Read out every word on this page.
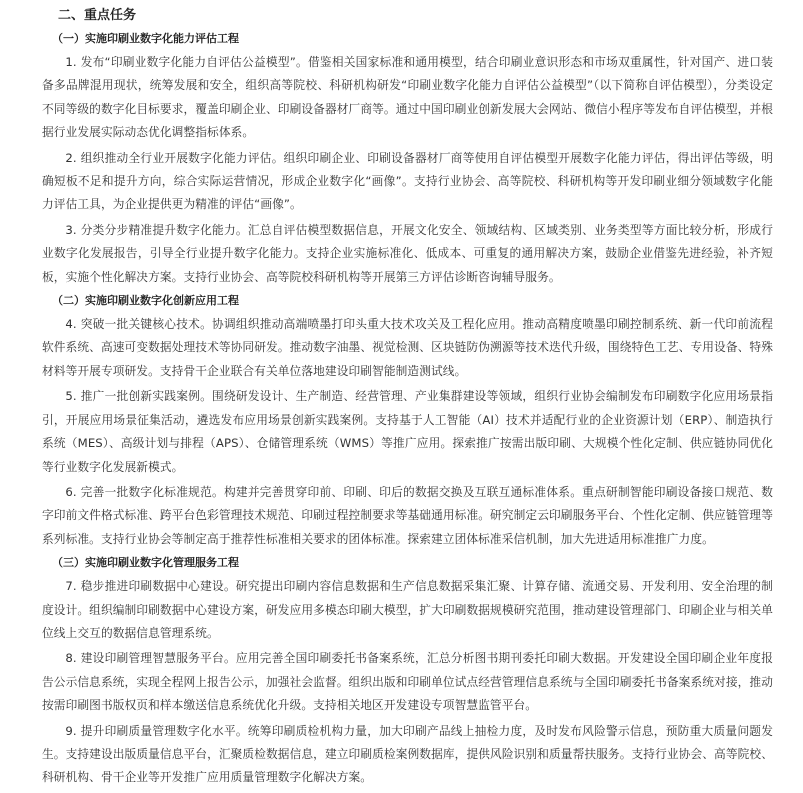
二、重点任务
（一）实施印刷业数字化能力评估工程

1. 发布“印刷业数字化能力自评估公益模型”。借鉴相关国家标准和通用模型，结合印刷业意识形态和市场双重属性，针对国产、进口装备多品牌混用现状，统筹发展和安全，组织高等院校、科研机构研发“印刷业数字化能力自评估公益模型”（以下简称自评估模型），分类设定不同等级的数字化目标要求，覆盖印刷企业、印刷设备器材厂商等。通过中国印刷业创新发展大会网站、微信小程序等发布自评估模型，并根据行业发展实际动态优化调整指标体系。

2. 组织推动全行业开展数字化能力评估。组织印刷企业、印刷设备器材厂商等使用自评估模型开展数字化能力评估，得出评估等级，明确短板不足和提升方向，综合实际运营情况，形成企业数字化“画像”。支持行业协会、高等院校、科研机构等开发印刷业细分领域数字化能力评估工具，为企业提供更为精准的评估“画像”。

3. 分类分步精准提升数字化能力。汇总自评估模型数据信息，开展文化安全、领域结构、区域类别、业务类型等方面比较分析，形成行业数字化发展报告，引导全行业提升数字化能力。支持企业实施标准化、低成本、可重复的通用解决方案，鼓励企业借鉴先进经验，补齐短板，实施个性化解决方案。支持行业协会、高等院校科研机构等开展第三方评估诊断咨询辅导服务。

（二）实施印刷业数字化创新应用工程

4. 突破一批关键核心技术。协调组织推动高端喷墨打印头重大技术攻关及工程化应用。推动高精度喷墨印刷控制系统、新一代印前流程软件系统、高速可变数据处理技术等协同研发。推动数字油墨、视觉检测、区块链防伪溯源等技术迭代升级，围绕特色工艺、专用设备、特殊材料等开展专项研发。支持骨干企业联合有关单位落地建设印刷智能制造测试线。

5. 推广一批创新实践案例。围绕研发设计、生产制造、经营管理、产业集群建设等领域，组织行业协会编制发布印刷数字化应用场景指引，开展应用场景征集活动，遴选发布应用场景创新实践案例。支持基于人工智能（AI）技术并适配行业的企业资源计划（ERP）、制造执行系统（MES）、高级计划与排程（APS）、仓储管理系统（WMS）等推广应用。探索推广按需出版印刷、大规模个性化定制、供应链协同优化等行业数字化发展新模式。

6. 完善一批数字化标准规范。构建并完善贯穿印前、印刷、印后的数据交换及互联互通标准体系。重点研制智能印刷设备接口规范、数字印前文件格式标准、跨平台色彩管理技术规范、印刷过程控制要求等基础通用标准。研究制定云印刷服务平台、个性化定制、供应链管理等系列标准。支持行业协会等制定高于推荐性标准相关要求的团体标准。探索建立团体标准采信机制，加大先进适用标准推广力度。

（三）实施印刷业数字化管理服务工程

7. 稳步推进印刷数据中心建设。研究提出印刷内容信息数据和生产信息数据采集汇聚、计算存储、流通交易、开发利用、安全治理的制度设计。组织编制印刷数据中心建设方案，研发应用多模态印刷大模型，扩大印刷数据规模研究范围，推动建设管理部门、印刷企业与相关单位线上交互的数据信息管理系统。

8. 建设印刷管理智慧服务平台。应用完善全国印刷委托书备案系统，汇总分析图书期刊委托印刷大数据。开发建设全国印刷企业年度报告公示信息系统，实现全程网上报告公示，加强社会监督。组织出版和印刷单位试点经营管理信息系统与全国印刷委托书备案系统对接，推动按需印刷图书版权页和样本缴送信息系统优化升级。支持相关地区开发建设专项智慧监管平台。

9. 提升印刷质量管理数字化水平。统筹印刷质检机构力量，加大印刷产品线上抽检力度，及时发布风险警示信息，预防重大质量问题发生。支持建设出版质量信息平台，汇聚质检数据信息，建立印刷质检案例数据库，提供风险识别和质量帮扶服务。支持行业协会、高等院校、科研机构、骨干企业等开发推广应用质量管理数字化解决方案。
